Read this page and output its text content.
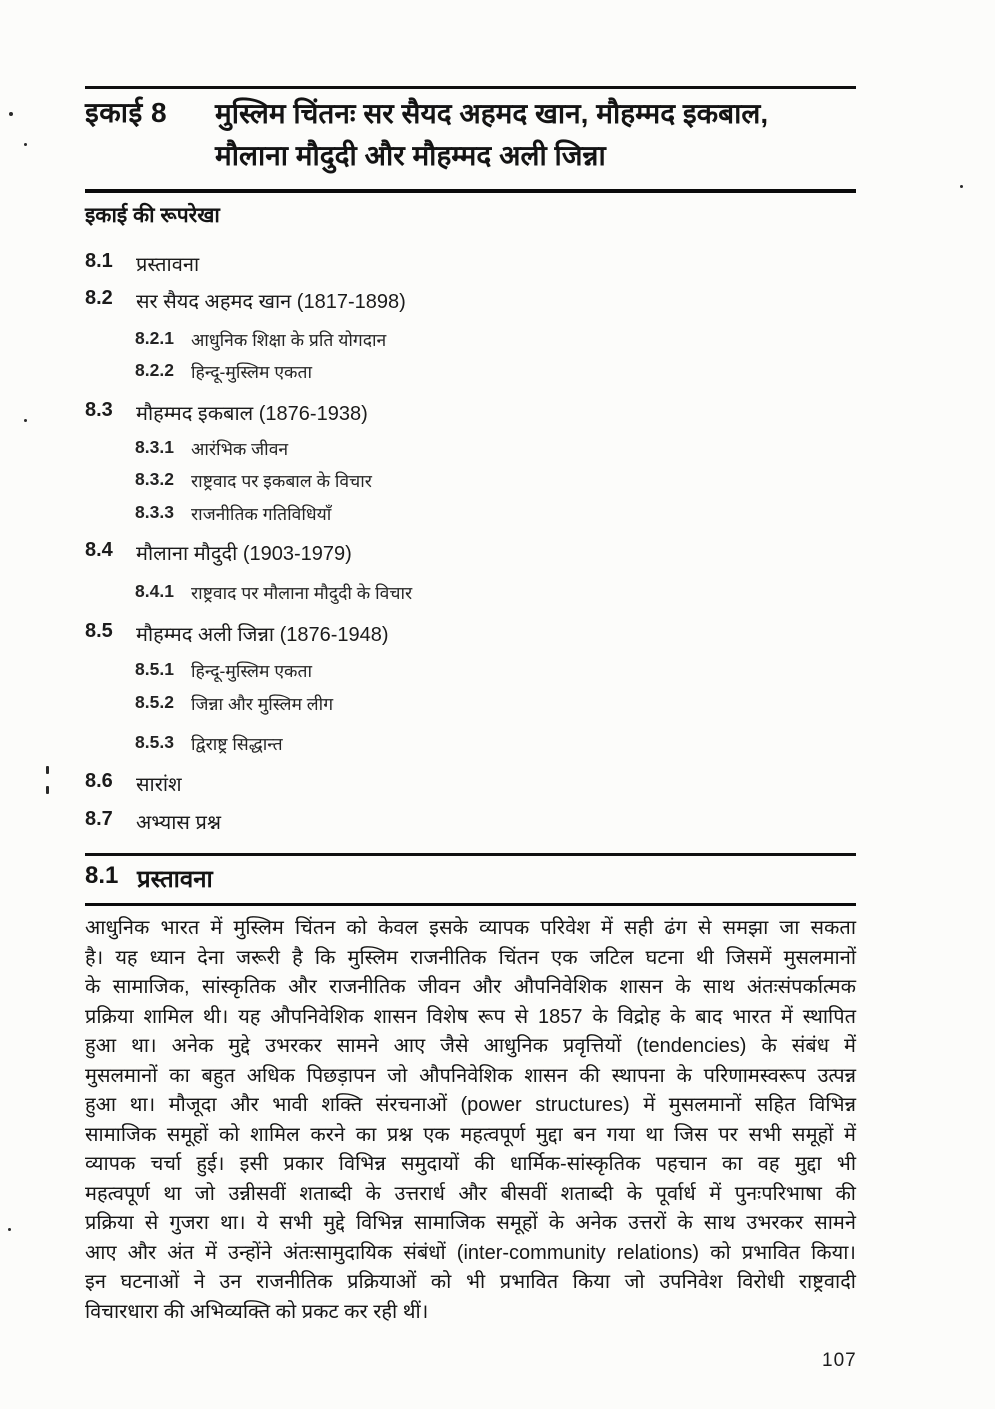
इकाई 8	मुस्लिम चिंतनः सर सैयद अहमद खान, मौहम्मद इकबाल,
मौलाना मौदुदी और मौहम्मद अली जिन्ना
इकाई की रूपरेखा
8.1	प्रस्तावना
8.2	सर सैयद अहमद खान (1817-1898)
8.2.1 आधुनिक शिक्षा के प्रति योगदान
8.2.2 हिन्दू-मुस्लिम एकता
8.3	मौहम्मद इकबाल (1876-1938)
8.3.1 आरंभिक जीवन
8.3.2 राष्ट्रवाद पर इकबाल के विचार
8.3.3 राजनीतिक गतिविधियाँ
8.4	मौलाना मौदुदी (1903-1979)
8.4.1 राष्ट्रवाद पर मौलाना मौदुदी के विचार
8.5	मौहम्मद अली जिन्ना (1876-1948)
8.5.1 हिन्दू-मुस्लिम एकता
8.5.2 जिन्ना और मुस्लिम लीग
8.5.3 द्विराष्ट्र सिद्धान्त
8.6	सारांश
8.7	अभ्यास प्रश्न
8.1 प्रस्तावना
आधुनिक भारत में मुस्लिम चिंतन को केवल इसके व्यापक परिवेश में सही ढंग से समझा जा सकता
है। यह ध्यान देना जरूरी है कि मुस्लिम राजनीतिक चिंतन एक जटिल घटना थी जिसमें मुसलमानों
के सामाजिक, सांस्कृतिक और राजनीतिक जीवन और औपनिवेशिक शासन के साथ अंतःसंपर्कात्मक
प्रक्रिया शामिल थी। यह औपनिवेशिक शासन विशेष रूप से 1857 के विद्रोह के बाद भारत में स्थापित
हुआ था। अनेक मुद्दे उभरकर सामने आए जैसे आधुनिक प्रवृत्तियों (tendencies) के संबंध में
मुसलमानों का बहुत अधिक पिछड़ापन जो औपनिवेशिक शासन की स्थापना के परिणामस्वरूप उत्पन्न
हुआ था। मौजूदा और भावी शक्ति संरचनाओं (power structures) में मुसलमानों सहित विभिन्न
सामाजिक समूहों को शामिल करने का प्रश्न एक महत्वपूर्ण मुद्दा बन गया था जिस पर सभी समूहों में
व्यापक चर्चा हुई। इसी प्रकार विभिन्न समुदायों की धार्मिक-सांस्कृतिक पहचान का वह मुद्दा भी
महत्वपूर्ण था जो उन्नीसवीं शताब्दी के उत्तरार्ध और बीसवीं शताब्दी के पूर्वार्ध में पुनःपरिभाषा की
प्रक्रिया से गुजरा था। ये सभी मुद्दे विभिन्न सामाजिक समूहों के अनेक उत्तरों के साथ उभरकर सामने
आए और अंत में उन्होंने अंतःसामुदायिक संबंधों (inter-community relations) को प्रभावित किया।
इन घटनाओं ने उन राजनीतिक प्रक्रियाओं को भी प्रभावित किया जो उपनिवेश विरोधी राष्ट्रवादी
विचारधारा की अभिव्यक्ति को प्रकट कर रही थीं।
107
